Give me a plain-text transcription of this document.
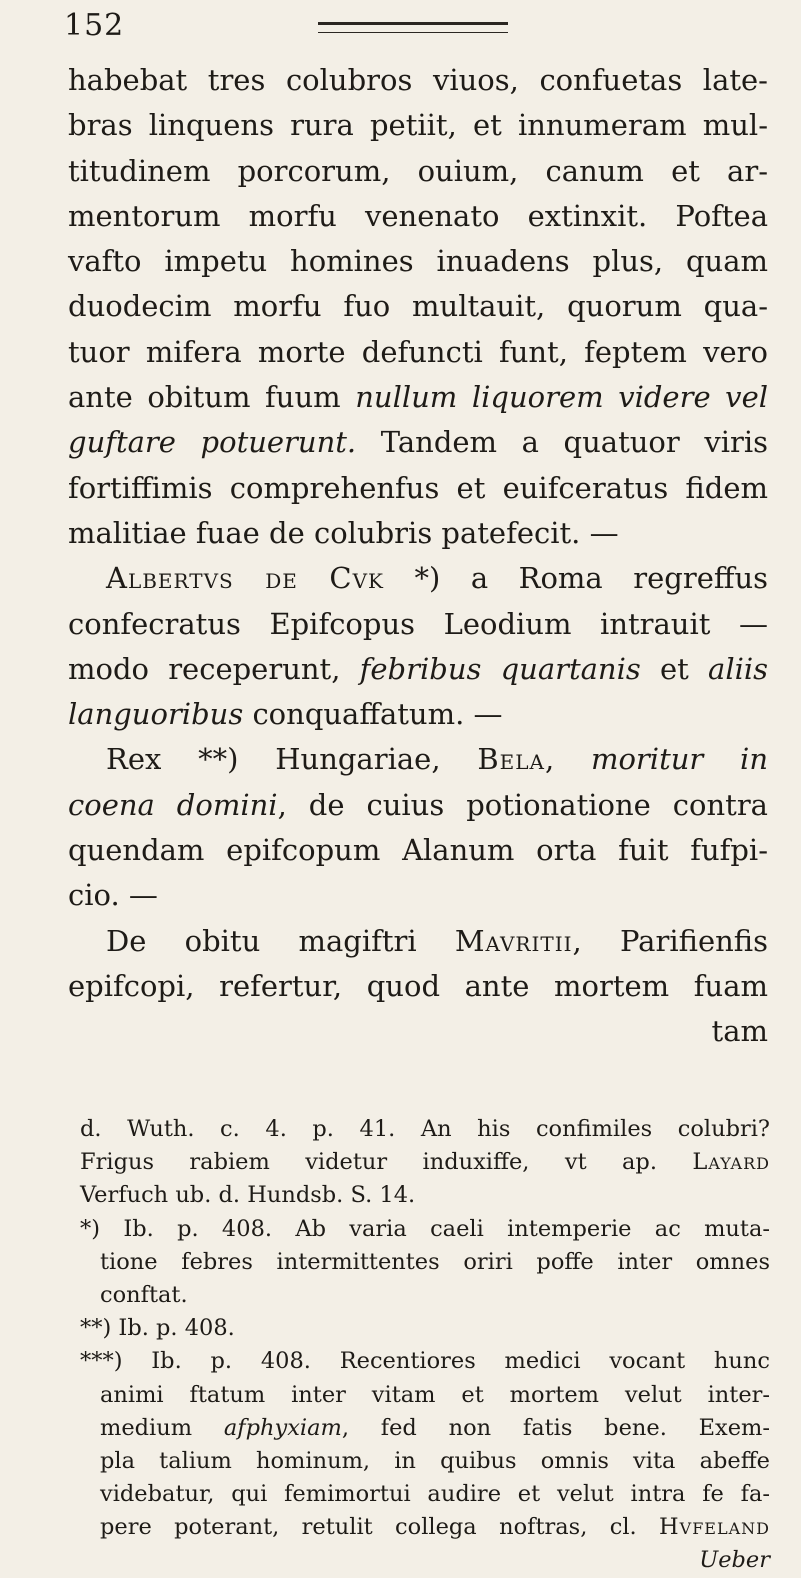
152
habebat tres colubros viuos, confuetas late-
bras linquens rura petiit, et innumeram mul-
titudinem porcorum, ouium, canum et ar-
mentorum morfu venenato extinxit. Poftea
vafto impetu homines inuadens plus, quam
duodecim morfu fuo multauit, quorum qua-
tuor mifera morte defuncti funt, feptem vero
ante obitum fuum nullum liquorem videre vel
guftare potuerunt. Tandem a quatuor viris
fortiffimis comprehenfus et euifceratus fidem
malitiae fuae de colubris patefecit. —
Albertvs de Cvk *) a Roma regreffus
confecratus Epifcopus Leodium intrauit —
modo receperunt, febribus quartanis et aliis
languoribus conquaffatum. —
Rex **) Hungariae, Bela, moritur in
coena domini, de cuius potionatione contra
quendam epifcopum Alanum orta fuit fufpi-
cio. —
De obitu magiftri Mavritii, Parifienfis
epifcopi, refertur, quod ante mortem fuam
tam
d. Wuth. c. 4. p. 41. An his confimiles colubri?
Frigus rabiem videtur induxiffe, vt ap. Layard
Verfuch ub. d. Hundsb. S. 14.
*) Ib. p. 408. Ab varia caeli intemperie ac muta-
tione febres intermittentes oriri poffe inter omnes
conftat.
**) Ib. p. 408.
***) Ib. p. 408. Recentiores medici vocant hunc
animi ftatum inter vitam et mortem velut inter-
medium afphyxiam, fed non fatis bene. Exem-
pla talium hominum, in quibus omnis vita abeffe
videbatur, qui femimortui audire et velut intra fe fa-
pere poterant, retulit collega noftras, cl. Hvfeland
Ueber
